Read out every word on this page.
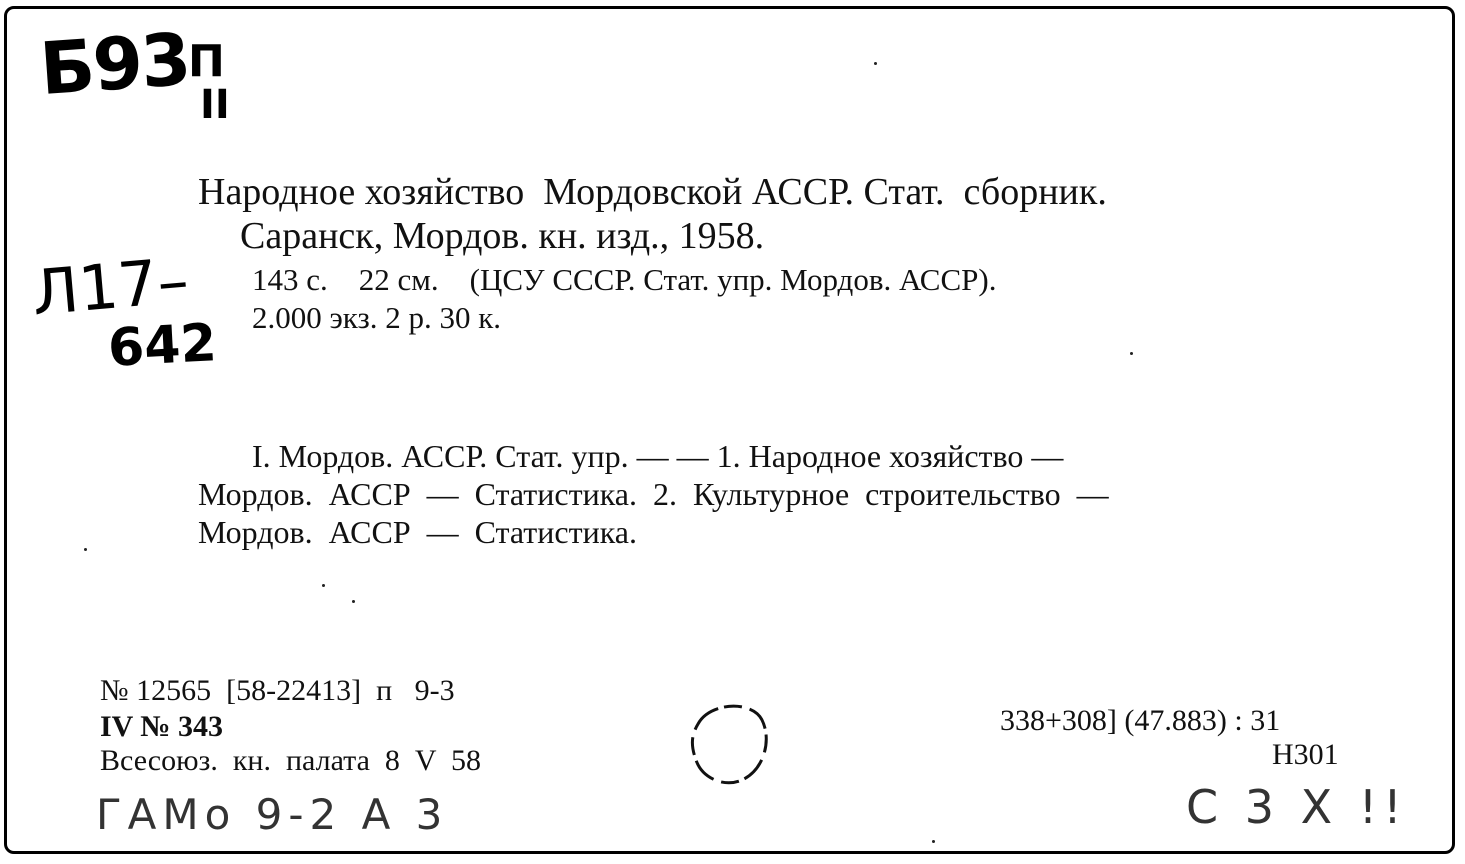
Б93
П
II
Л17–
642
Народное хозяйство  Мордовской АССР. Стат.  сборник.
Саранск, Мордов. кн. изд., 1958.
143 с.    22 см.    (ЦСУ СССР. Стат. упр. Мордов. АССР).
2.000 экз. 2 р. 30 к.
I. Мордов. АССР. Стат. упр. — — 1. Народное хозяйство —
Мордов.  АССР  —  Статистика.  2.  Культурное  строительство  —
Мордов.  АССР  —  Статистика.
№ 12565  [58-22413]  п   9-3
IV № 343
Всесоюз.  кн.  палата  8  V  58
338+308] (47.883) : 31
Н301
ГАМо 9-2 А 3	С 3 Х !!
